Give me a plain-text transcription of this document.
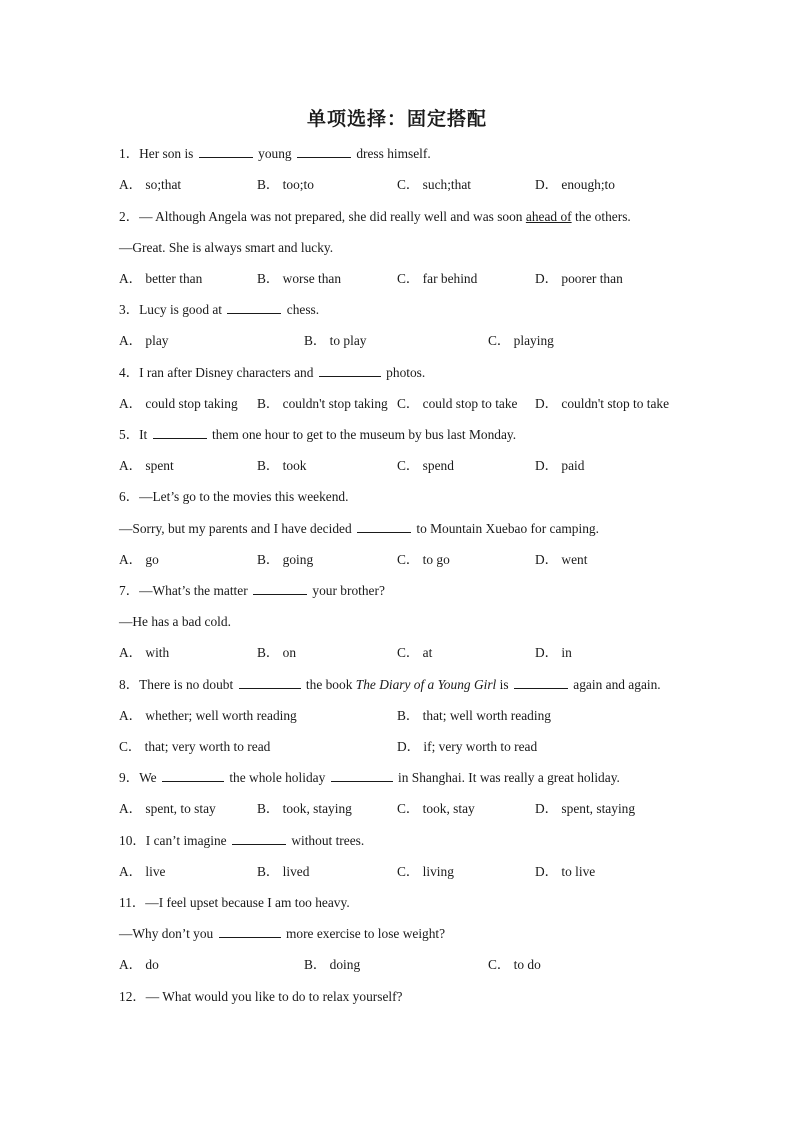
单项选择：固定搭配
1．Her son is	young	dress himself.
A． so;that	B． too;to	C． such;that	D． enough;to
2．— Although Angela was not prepared, she did really well and was soon ahead of the others.
—Great. She is always smart and lucky.
A． better than	B． worse than	C． far behind	D． poorer than
3．Lucy is good at	chess.
A． play	B． to play	C． playing
4．I ran after Disney characters and	photos.
A． could stop taking B． couldn't stop taking C． could stop to take D． couldn't stop to take
5．It	them one hour to get to the museum by bus last Monday.
A． spent	B． took	C． spend	D． paid
6．—Let’s go to the movies this weekend.
—Sorry, but my parents and I have decided	to Mountain Xuebao for camping.
A． go	B． going	C． to go	D． went
7．—What’s the matter	your brother?
—He has a bad cold.
A． with	B． on	C． at	D． in
8．There is no doubt	the book The Diary of a Young Girl is	again and again.
A． whether; well worth reading	B． that; well worth reading
C． that; very worth to read	D． if; very worth to read
9．We	the whole holiday	in Shanghai. It was really a great holiday.
A． spent, to stay	B． took, staying	C． took, stay	D． spent, staying
10．I can’t imagine	without trees.
A． live	B． lived	C． living	D． to live
11．—I feel upset because I am too heavy.
—Why don’t you	more exercise to lose weight?
A． do	B． doing	C． to do
12．— What would you like to do to relax yourself?
